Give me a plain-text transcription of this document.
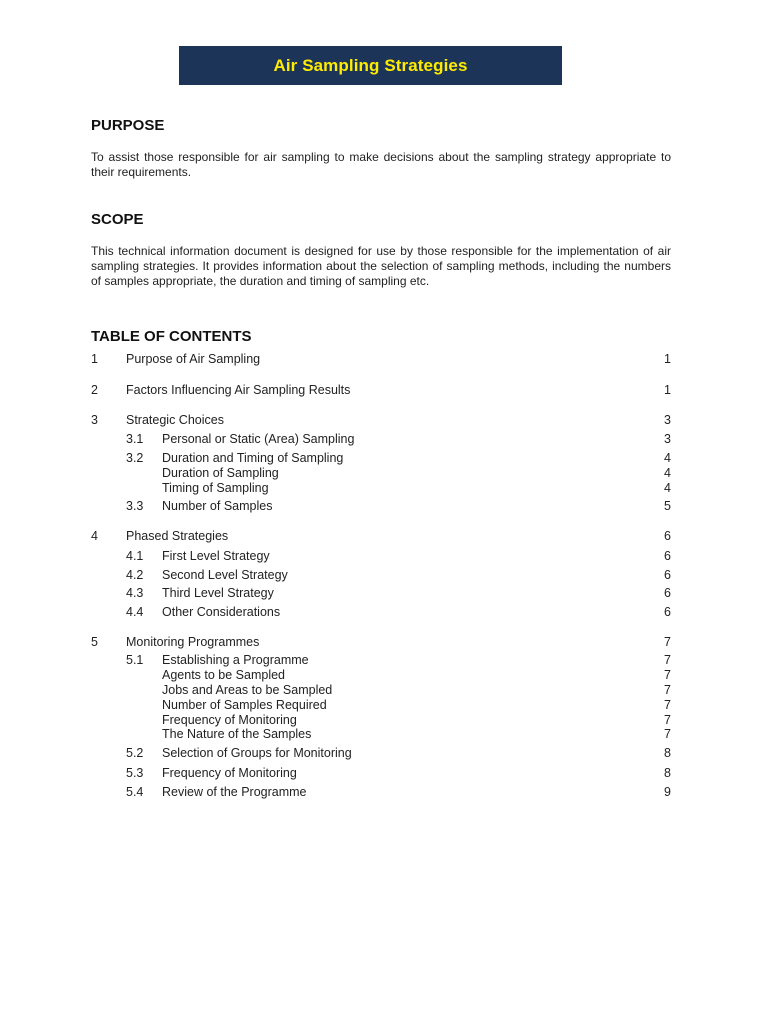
Air Sampling Strategies
PURPOSE
To assist those responsible for air sampling to make decisions about the sampling strategy appropriate to their requirements.
SCOPE
This technical information document is designed for use by those responsible for the implementation of air sampling strategies. It provides information about the selection of sampling methods, including the numbers of samples appropriate, the duration and timing of sampling etc.
TABLE OF CONTENTS
1 Purpose of Air Sampling	1
2 Factors Influencing Air Sampling Results	1
3 Strategic Choices	3
3.1 Personal or Static (Area) Sampling	3
3.2 Duration and Timing of Sampling	4
Duration of Sampling	4
Timing of Sampling	4
3.3 Number of Samples	5
4 Phased Strategies	6
4.1 First Level Strategy	6
4.2 Second Level Strategy	6
4.3 Third Level Strategy	6
4.4 Other Considerations	6
5 Monitoring Programmes	7
5.1 Establishing a Programme	7
Agents to be Sampled	7
Jobs and Areas to be Sampled	7
Number of Samples Required	7
Frequency of Monitoring	7
The Nature of the Samples	7
5.2 Selection of Groups for Monitoring	8
5.3 Frequency of Monitoring	8
5.4 Review of the Programme	9
